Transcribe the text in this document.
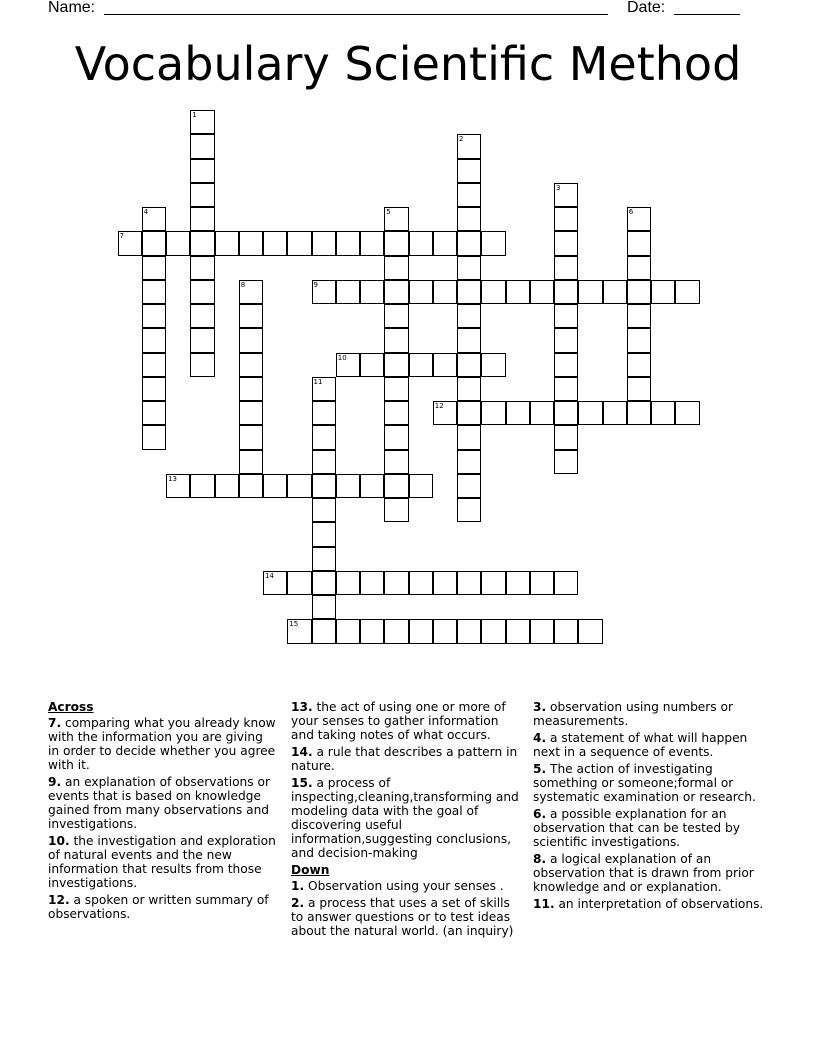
Name:	Date:
Vocabulary Scientific Method
1
2
3
4	5	6
7
8	9
10
11
12
13
14
15
Across
7. comparing what you already know with the information you are giving in order to decide whether you agree with it.
9. an explanation of observations or events that is based on knowledge gained from many observations and investigations.
10. the investigation and exploration of natural events and the new information that results from those investigations.
12. a spoken or written summary of observations.
13. the act of using one or more of your senses to gather information and taking notes of what occurs.
14. a rule that describes a pattern in nature.
15. a process of inspecting,cleaning,transforming and modeling data with the goal of discovering useful information,suggesting conclusions, and decision-making
Down
1. Observation using your senses .
2. a process that uses a set of skills to answer questions or to test ideas about the natural world. (an inquiry)
3. observation using numbers or measurements.
4. a statement of what will happen next in a sequence of events.
5. The action of investigating something or someone;formal or systematic examination or research.
6. a possible explanation for an observation that can be tested by scientific investigations.
8. a logical explanation of an observation that is drawn from prior knowledge and or explanation.
11. an interpretation of observations.
